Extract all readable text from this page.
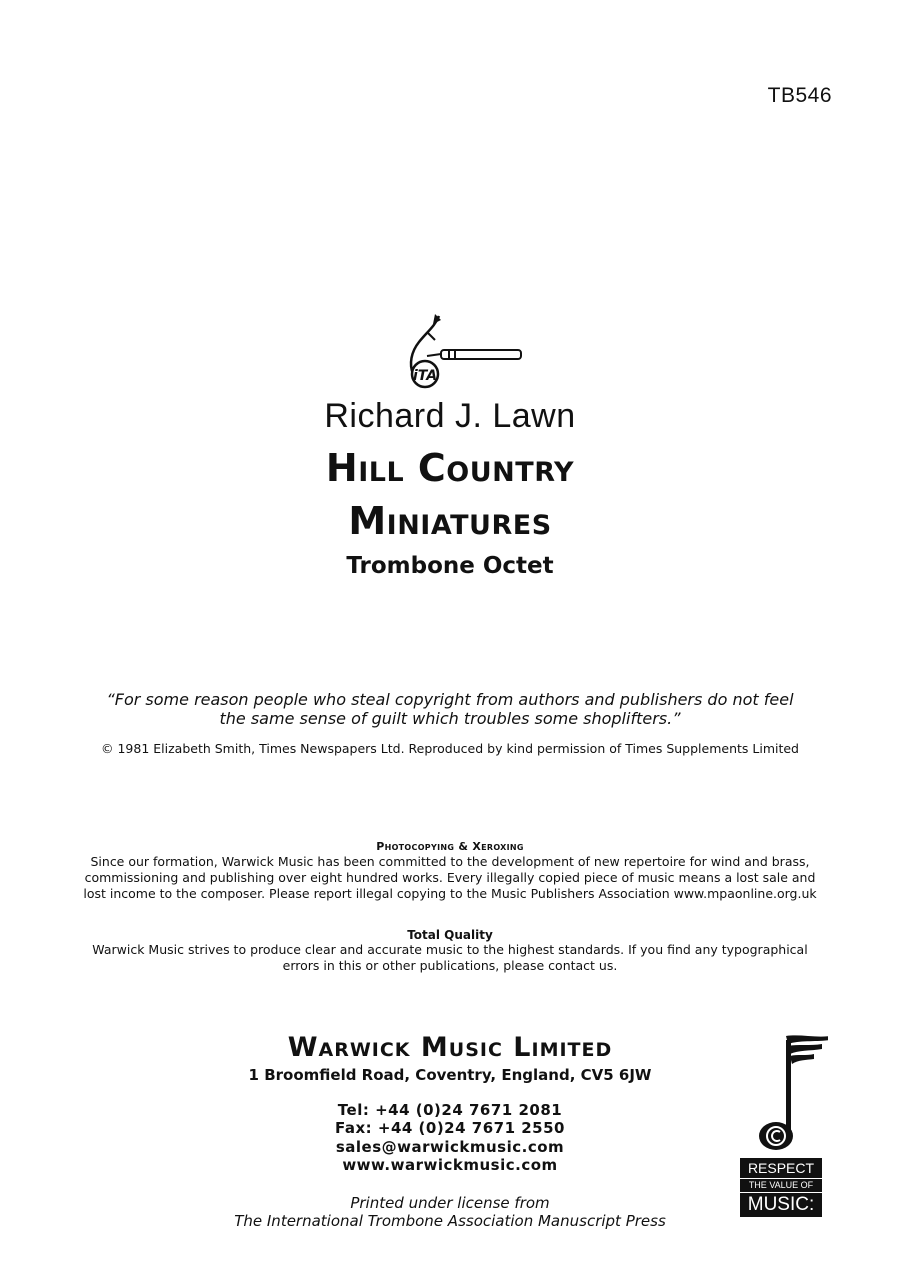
TB546
iTA
Richard J. Lawn
Hill Country
Miniatures
Trombone Octet
“For some reason people who steal copyright from authors and publishers do not feel
the same sense of guilt which troubles some shoplifters.”
© 1981 Elizabeth Smith, Times Newspapers Ltd. Reproduced by kind permission of Times Supplements Limited
Photocopying & Xeroxing
Since our formation, Warwick Music has been committed to the development of new repertoire for wind and brass,
commissioning and publishing over eight hundred works. Every illegally copied piece of music means a lost sale and
lost income to the composer. Please report illegal copying to the Music Publishers Association www.mpaonline.org.uk
Total Quality
Warwick Music strives to produce clear and accurate music to the highest standards. If you find any typographical
errors in this or other publications, please contact us.
Warwick Music Limited
1 Broomfield Road, Coventry, England, CV5 6JW
Tel: +44 (0)24 7671 2081
Fax: +44 (0)24 7671 2550
sales@warwickmusic.com
www.warwickmusic.com
Printed under license from
The International Trombone Association Manuscript Press
RESPECT
THE VALUE OF
MUSIC:
